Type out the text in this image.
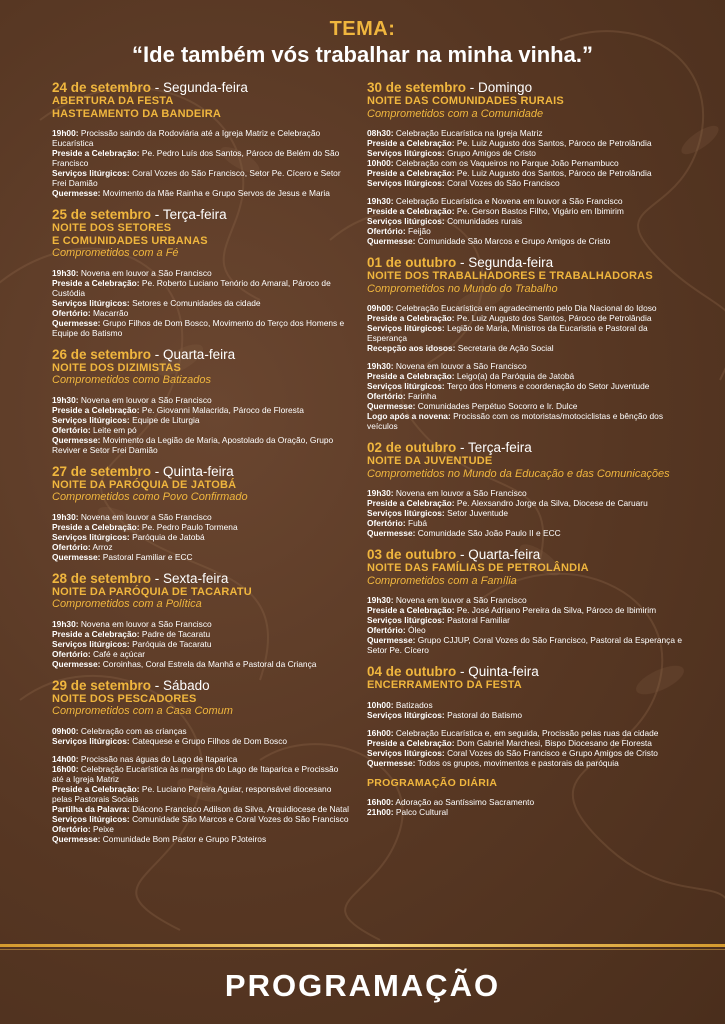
TEMA:
“Ide também vós trabalhar na minha vinha.”
24 de setembro - Segunda-feira
ABERTURA DA FESTA
HASTEAMENTO DA BANDEIRA
19h00: Procissão saindo da Rodoviária até a Igreja Matriz e Celebração Eucarística
Preside a Celebração: Pe. Pedro Luís dos Santos, Pároco de Belém do São Francisco
Serviços litúrgicos: Coral Vozes do São Francisco, Setor Pe. Cícero e Setor Frei Damião
Quermesse: Movimento da Mãe Rainha e Grupo Servos de Jesus e Maria
25 de setembro - Terça-feira
NOITE DOS SETORES
E COMUNIDADES URBANAS
Comprometidos com a Fé
19h30: Novena em louvor a São Francisco
Preside a Celebração: Pe. Roberto Luciano Tenório do Amaral, Pároco de Custódia
Serviços litúrgicos: Setores e Comunidades da cidade
Ofertório: Macarrão
Quermesse: Grupo Filhos de Dom Bosco, Movimento do Terço dos Homens e Equipe do Batismo
26 de setembro - Quarta-feira
NOITE DOS DIZIMISTAS
Comprometidos como Batizados
19h30: Novena em louvor a São Francisco
Preside a Celebração: Pe. Giovanni Malacrida, Pároco de Floresta
Serviços litúrgicos: Equipe de Liturgia
Ofertório: Leite em pó
Quermesse: Movimento da Legião de Maria, Apostolado da Oração, Grupo Reviver e Setor Frei Damião
27 de setembro - Quinta-feira
NOITE DA PARÓQUIA DE JATOBÁ
Comprometidos como Povo Confirmado
19h30: Novena em louvor a São Francisco
Preside a Celebração: Pe. Pedro Paulo Tormena
Serviços litúrgicos: Paróquia de Jatobá
Ofertório: Arroz
Quermesse: Pastoral Familiar e ECC
28 de setembro - Sexta-feira
NOITE DA PARÓQUIA DE TACARATU
Comprometidos com a Política
19h30: Novena em louvor a São Francisco
Preside a Celebração: Padre de Tacaratu
Serviços litúrgicos: Paróquia de Tacaratu
Ofertório: Café e açúcar
Quermesse: Coroinhas, Coral Estrela da Manhã e Pastoral da Criança
29 de setembro - Sábado
NOITE DOS PESCADORES
Comprometidos com a Casa Comum
09h00: Celebração com as crianças
Serviços litúrgicos: Catequese e Grupo Filhos de Dom Bosco
14h00: Procissão nas águas do Lago de Itaparica
16h00: Celebração Eucarística às margens do Lago de Itaparica e Procissão até a Igreja Matriz
Preside a Celebração: Pe. Luciano Pereira Aguiar, responsável diocesano pelas Pastorais Sociais
Partilha da Palavra: Diácono Francisco Adilson da Silva, Arquidiocese de Natal
Serviços litúrgicos: Comunidade São Marcos e Coral Vozes do São Francisco
Ofertório: Peixe
Quermesse: Comunidade Bom Pastor e Grupo PJoteiros
30 de setembro - Domingo
NOITE DAS COMUNIDADES RURAIS
Comprometidos com a Comunidade
08h30: Celebração Eucarística na Igreja Matriz
Preside a Celebração: Pe. Luiz Augusto dos Santos, Pároco de Petrolândia
Serviços litúrgicos: Grupo Amigos de Cristo
10h00: Celebração com os Vaqueiros no Parque João Pernambuco
Preside a Celebração: Pe. Luiz Augusto dos Santos, Pároco de Petrolândia
Serviços litúrgicos: Coral Vozes do São Francisco
19h30: Celebração Eucarística e Novena em louvor a São Francisco
Preside a Celebração: Pe. Gerson Bastos Filho, Vigário em Ibimirim
Serviços litúrgicos: Comunidades rurais
Ofertório: Feijão
Quermesse: Comunidade São Marcos e Grupo Amigos de Cristo
01 de outubro - Segunda-feira
NOITE DOS TRABALHADORES E TRABALHADORAS
Comprometidos no Mundo do Trabalho
09h00: Celebração Eucarística em agradecimento pelo Dia Nacional do Idoso
Preside a Celebração: Pe. Luiz Augusto dos Santos, Pároco de Petrolândia
Serviços litúrgicos: Legião de Maria, Ministros da Eucaristia e Pastoral da Esperança
Recepção aos idosos: Secretaria de Ação Social
19h30: Novena em louvor a São Francisco
Preside a Celebração: Leigo(a) da Paróquia de Jatobá
Serviços litúrgicos: Terço dos Homens e coordenação do Setor Juventude
Ofertório: Farinha
Quermesse: Comunidades Perpétuo Socorro e Ir. Dulce
Logo após a novena: Procissão com os motoristas/motociclistas e bênção dos veículos
02 de outubro - Terça-feira
NOITE DA JUVENTUDE
Comprometidos no Mundo da Educação e das Comunicações
19h30: Novena em louvor a São Francisco
Preside a Celebração: Pe. Alexsandro Jorge da Silva, Diocese de Caruaru
Serviços litúrgicos: Setor Juventude
Ofertório: Fubá
Quermesse: Comunidade São João Paulo II e ECC
03 de outubro - Quarta-feira
NOITE DAS FAMÍLIAS DE PETROLÂNDIA
Comprometidos com a Família
19h30: Novena em louvor a São Francisco
Preside a Celebração: Pe. José Adriano Pereira da Silva, Pároco de Ibimirim
Serviços litúrgicos: Pastoral Familiar
Ofertório: Óleo
Quermesse: Grupo CJJUP, Coral Vozes do São Francisco, Pastoral da Esperança e Setor Pe. Cícero
04 de outubro - Quinta-feira
ENCERRAMENTO DA FESTA
10h00: Batizados
Serviços litúrgicos: Pastoral do Batismo
16h00: Celebração Eucarística e, em seguida, Procissão pelas ruas da cidade
Preside a Celebração: Dom Gabriel Marchesi, Bispo Diocesano de Floresta
Serviços litúrgicos: Coral Vozes do São Francisco e Grupo Amigos de Cristo
Quermesse: Todos os grupos, movimentos e pastorais da paróquia
PROGRAMAÇÃO DIÁRIA
16h00: Adoração ao Santíssimo Sacramento
21h00: Palco Cultural
PROGRAMAÇÃO
